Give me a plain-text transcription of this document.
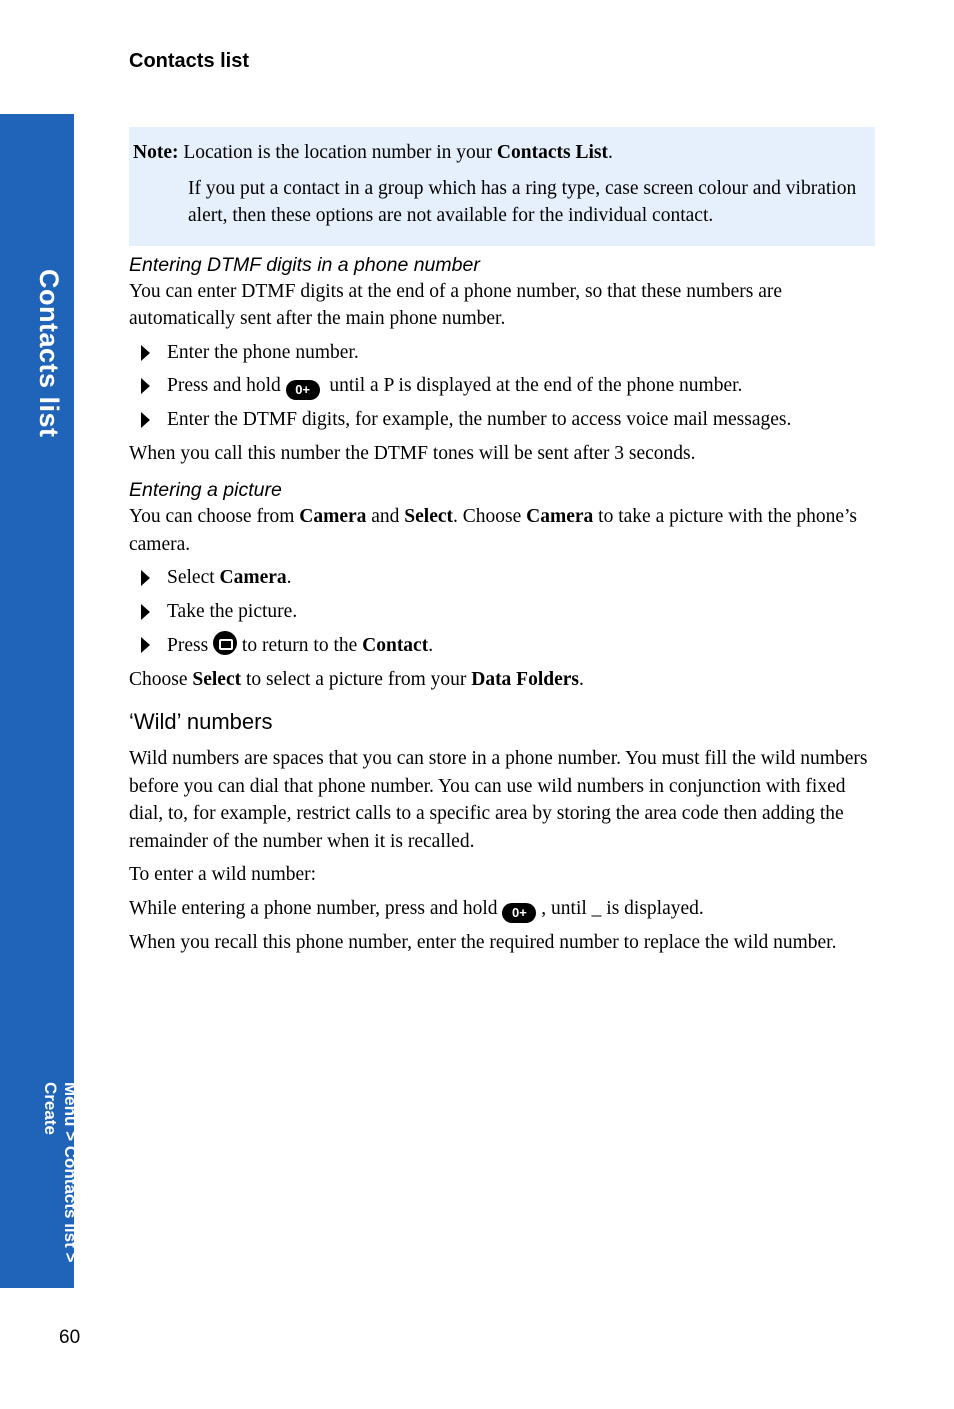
Contacts list
Contacts list
Menu > Contacts list > Create

Note: Location is the location number in your Contacts List.

If you put a contact in a group which has a ring type, case screen colour and vibration alert, then these options are not available for the individual contact.

Entering DTMF digits in a phone number

You can enter DTMF digits at the end of a phone number, so that these numbers are automatically sent after the main phone number.

Enter the phone number.
Press and hold 0+ until a P is displayed at the end of the phone number.
Enter the DTMF digits, for example, the number to access voice mail messages.

When you call this number the DTMF tones will be sent after 3 seconds.

Entering a picture

You can choose from Camera and Select. Choose Camera to take a picture with the phone’s camera.

Select Camera.
Take the picture.
Press to return to the Contact.

Choose Select to select a picture from your Data Folders.

‘Wild’ numbers

Wild numbers are spaces that you can store in a phone number. You must fill the wild numbers before you can dial that phone number. You can use wild numbers in conjunction with fixed dial, to, for example, restrict calls to a specific area by storing the area code then adding the remainder of the number when it is recalled.

To enter a wild number:

While entering a phone number, press and hold 0+ , until _ is displayed.

When you recall this phone number, enter the required number to replace the wild number.

60
